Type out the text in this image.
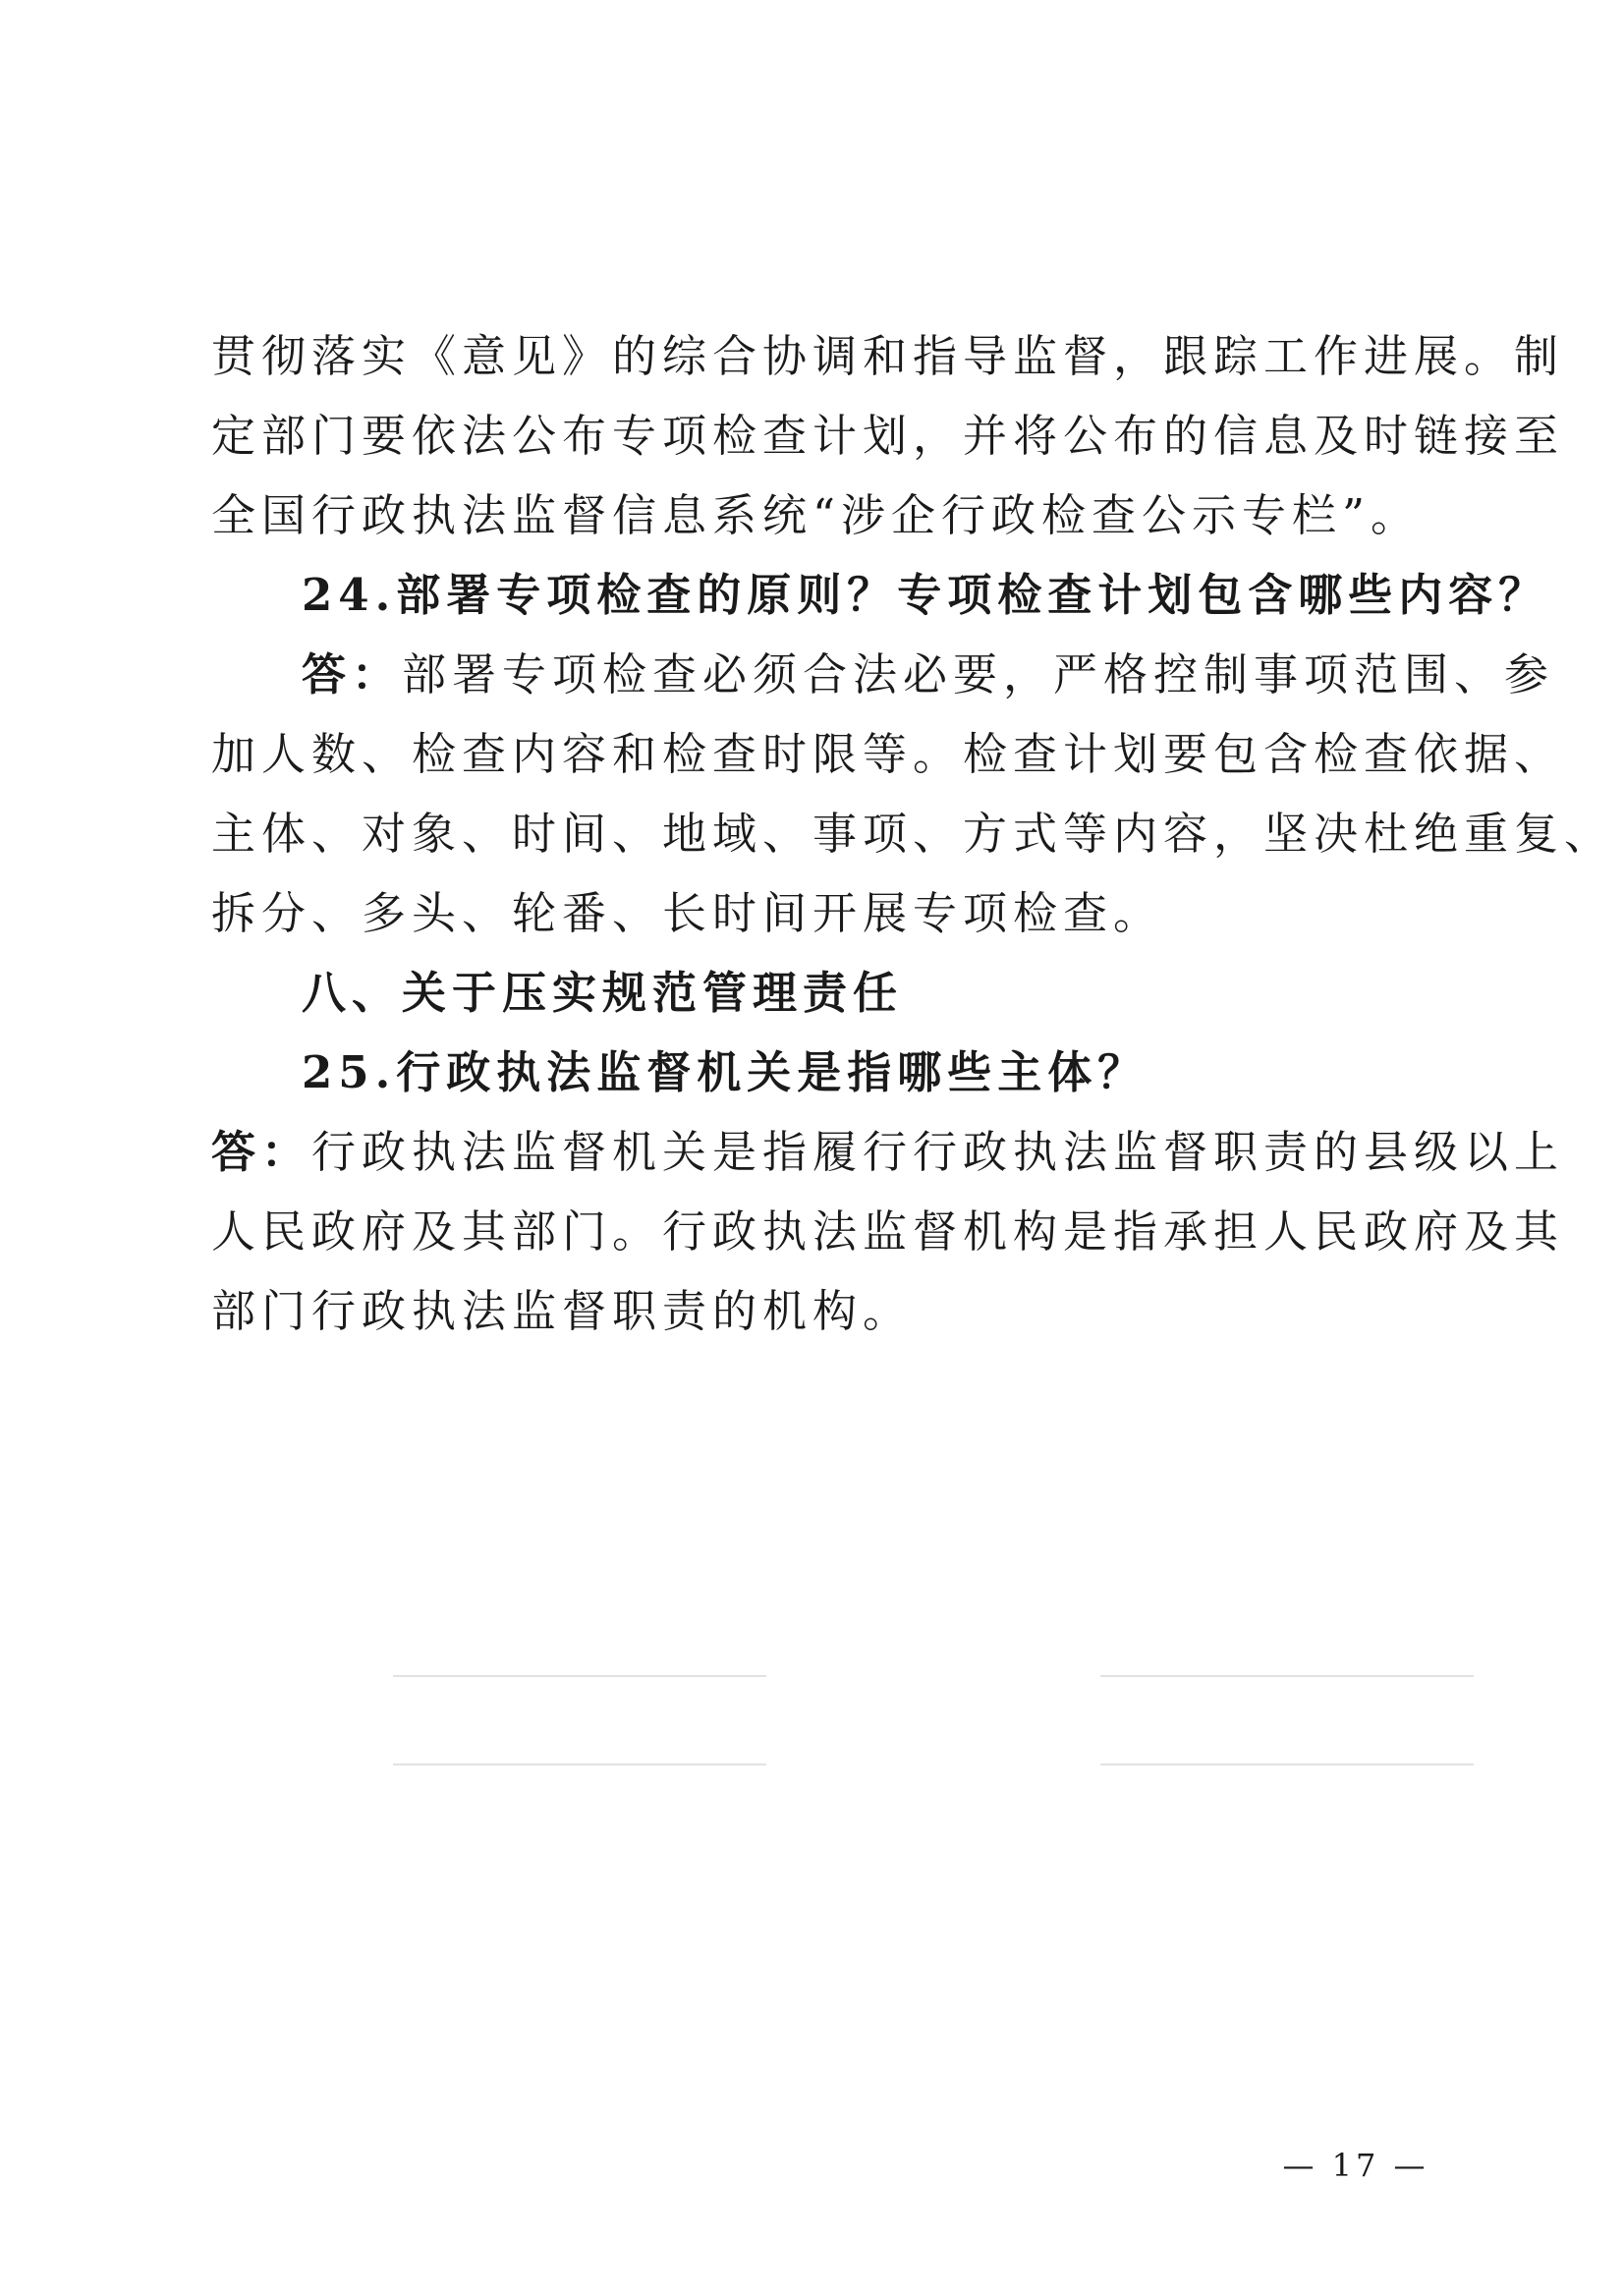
贯彻落实《意见》的综合协调和指导监督，跟踪工作进展。制
定部门要依法公布专项检查计划，并将公布的信息及时链接至
全国行政执法监督信息系统“涉企行政检查公示专栏”。
24.部署专项检查的原则？专项检查计划包含哪些内容？
答：部署专项检查必须合法必要，严格控制事项范围、参
加人数、检查内容和检查时限等。检查计划要包含检查依据、
主体、对象、时间、地域、事项、方式等内容，坚决杜绝重复、
拆分、多头、轮番、长时间开展专项检查。
八、关于压实规范管理责任
25.行政执法监督机关是指哪些主体？
答：行政执法监督机关是指履行行政执法监督职责的县级以上
人民政府及其部门。行政执法监督机构是指承担人民政府及其
部门行政执法监督职责的机构。
— 17 —
